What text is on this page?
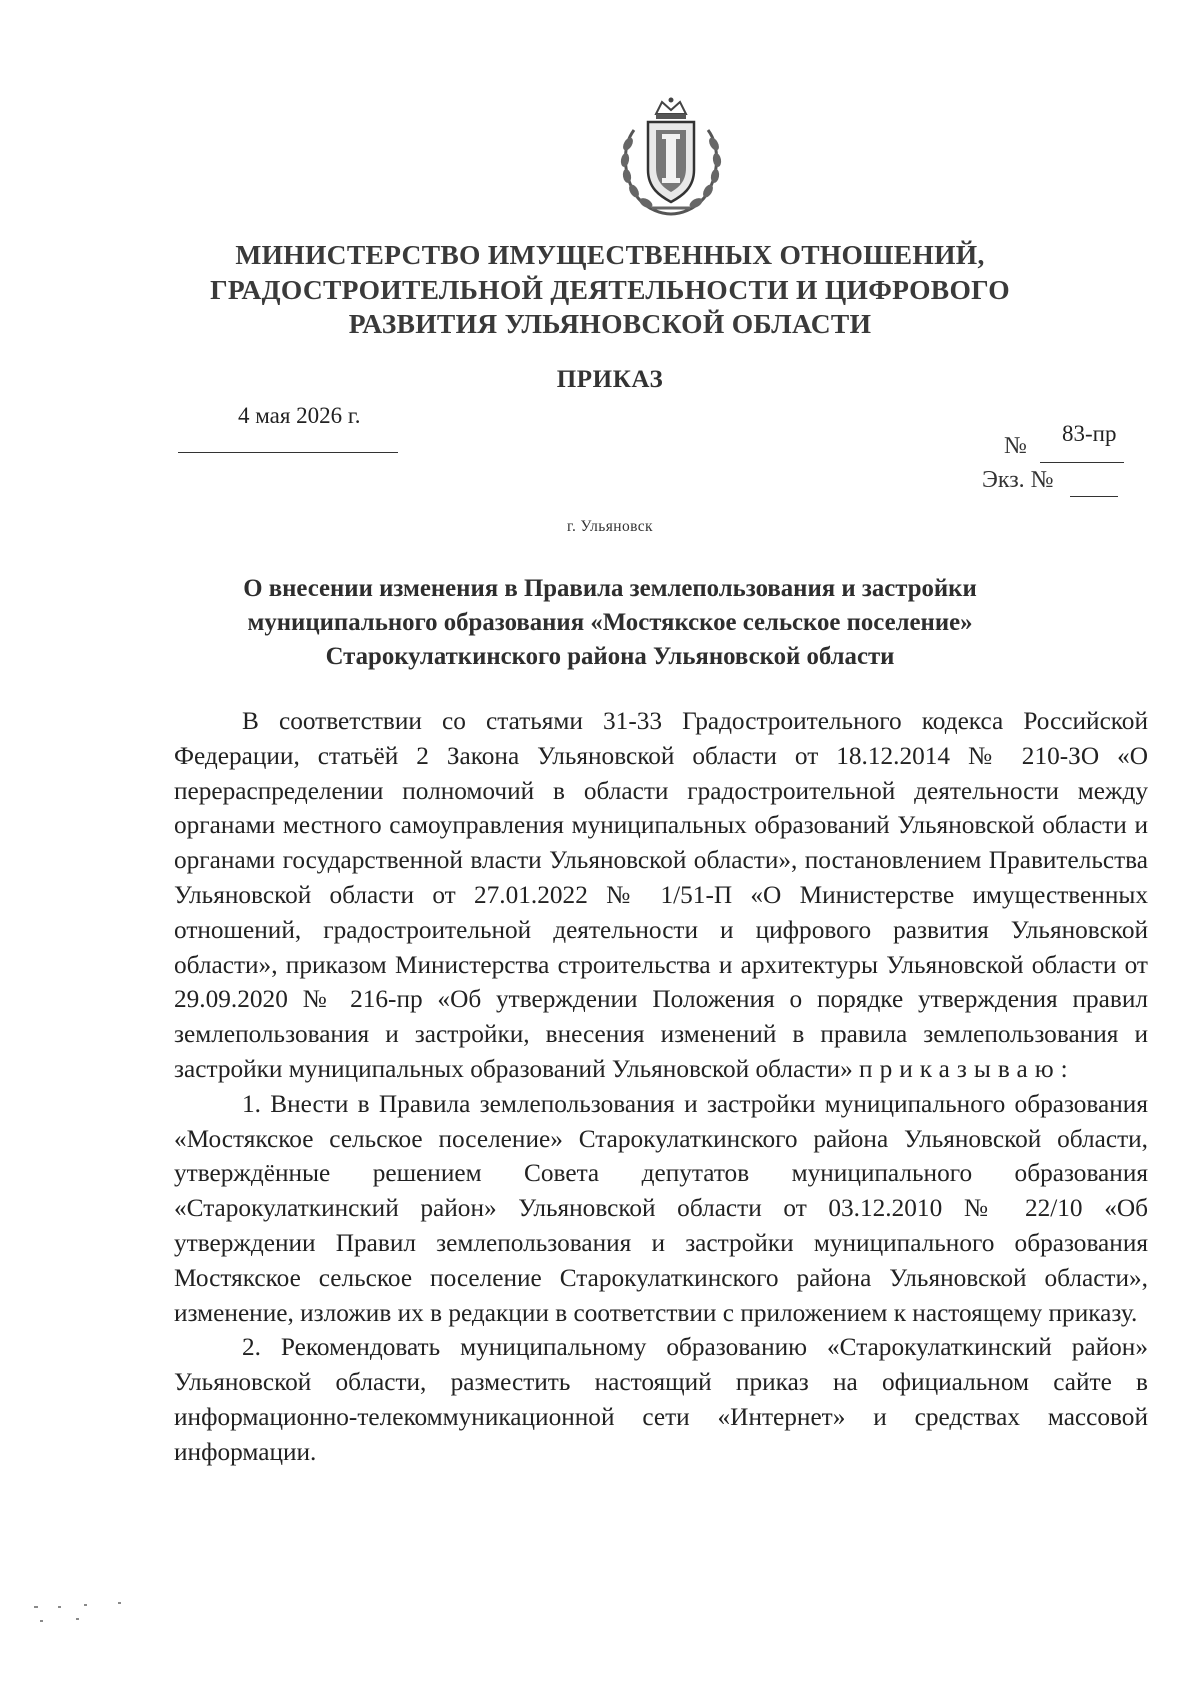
МИНИСТЕРСТВО ИМУЩЕСТВЕННЫХ ОТНОШЕНИЙ,
ГРАДОСТРОИТЕЛЬНОЙ ДЕЯТЕЛЬНОСТИ И ЦИФРОВОГО
РАЗВИТИЯ УЛЬЯНОВСКОЙ ОБЛАСТИ
ПРИКАЗ
4 мая 2026 г.
№ 83-пр
Экз. №
г. Ульяновск
О внесении изменения в Правила землепользования и застройки
муниципального образования «Мостякское сельское поселение»
Старокулаткинского района Ульяновской области

В соответствии со статьями 31-33 Градостроительного кодекса Российской Федерации, статьёй 2 Закона Ульяновской области от 18.12.2014 № 210-ЗО «О перераспределении полномочий в области градостроительной деятельности между органами местного самоуправления муниципальных образований Ульяновской области и органами государственной власти Ульяновской области», постановлением Правительства Ульяновской области от 27.01.2022 № 1/51-П «О Министерстве имущественных отношений, градостроительной деятельности и цифрового развития Ульяновской области», приказом Министерства строительства и архитектуры Ульяновской области от 29.09.2020 № 216-пр «Об утверждении Положения о порядке утверждения правил землепользования и застройки, внесения изменений в правила землепользования и застройки муниципальных образований Ульяновской области» приказываю:

1. Внести в Правила землепользования и застройки муниципального образования «Мостякское сельское поселение» Старокулаткинского района Ульяновской области, утверждённые решением Совета депутатов муниципального образования «Старокулаткинский район» Ульяновской области от 03.12.2010 № 22/10 «Об утверждении Правил землепользования и застройки муниципального образования Мостякское сельское поселение Старокулаткинского района Ульяновской области», изменение, изложив их в редакции в соответствии с приложением к настоящему приказу.

2. Рекомендовать муниципальному образованию «Старокулаткинский район» Ульяновской области, разместить настоящий приказ на официальном сайте в информационно-телекоммуникационной сети «Интернет» и средствах массовой информации.
